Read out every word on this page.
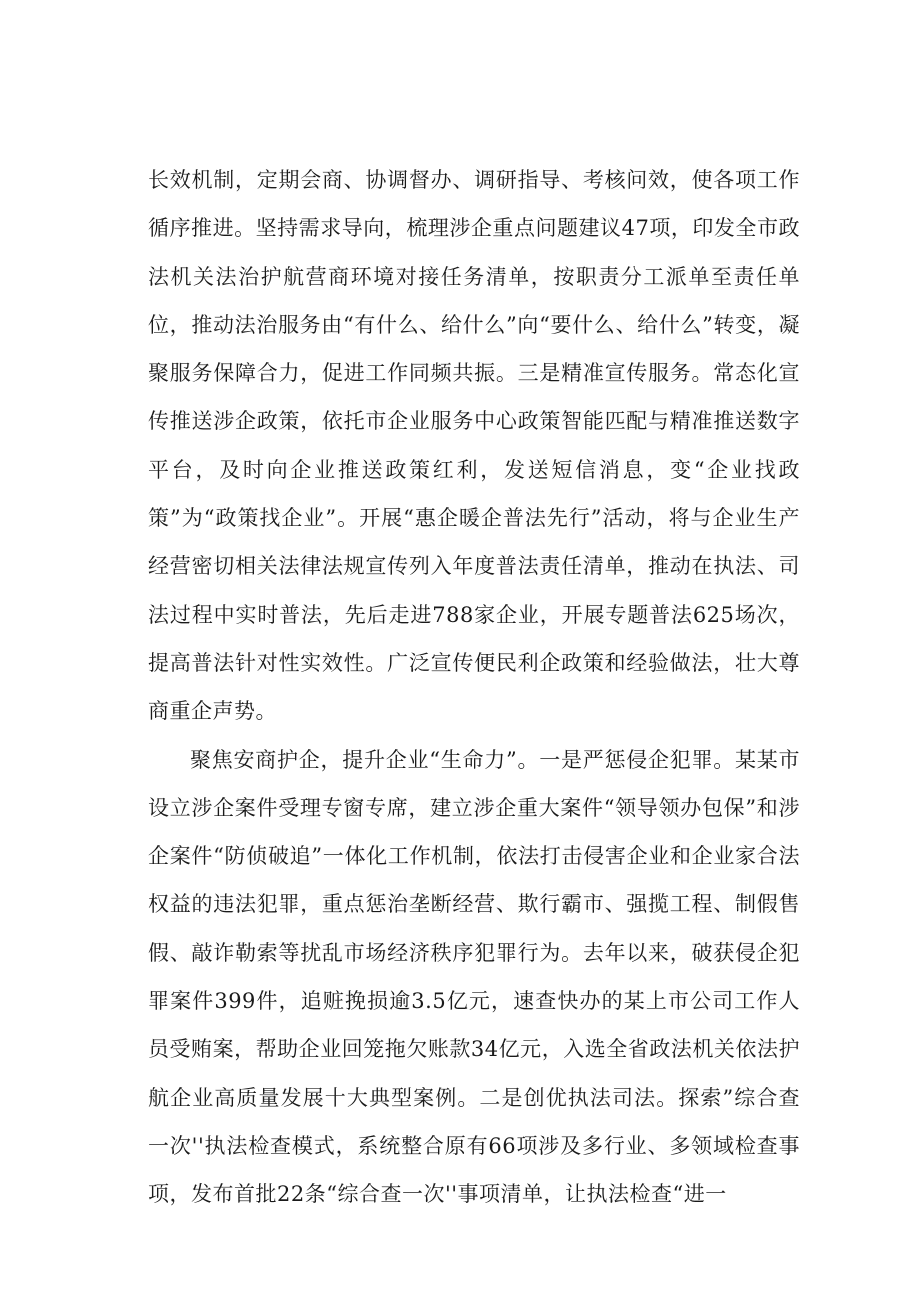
长效机制，定期会商、协调督办、调研指导、考核问效，使各项工作循序推进。坚持需求导向，梳理涉企重点问题建议47项，印发全市政法机关法治护航营商环境对接任务清单，按职责分工派单至责任单位，推动法治服务由“有什么、给什么”向“要什么、给什么”转变，凝聚服务保障合力，促进工作同频共振。三是精准宣传服务。常态化宣传推送涉企政策，依托市企业服务中心政策智能匹配与精准推送数字平台，及时向企业推送政策红利，发送短信消息，变“企业找政策”为“政策找企业”。开展“惠企暖企普法先行”活动，将与企业生产经营密切相关法律法规宣传列入年度普法责任清单，推动在执法、司法过程中实时普法，先后走进788家企业，开展专题普法625场次，提高普法针对性实效性。广泛宣传便民利企政策和经验做法，壮大尊商重企声势。

聚焦安商护企，提升企业“生命力”。一是严惩侵企犯罪。某某市设立涉企案件受理专窗专席，建立涉企重大案件“领导领办包保”和涉企案件“防侦破追”一体化工作机制，依法打击侵害企业和企业家合法权益的违法犯罪，重点惩治垄断经营、欺行霸市、强揽工程、制假售假、敲诈勒索等扰乱市场经济秩序犯罪行为。去年以来，破获侵企犯罪案件399件，追赃挽损逾3.5亿元，速查快办的某上市公司工作人员受贿案，帮助企业回笼拖欠账款34亿元，入选全省政法机关依法护航企业高质量发展十大典型案例。二是创优执法司法。探索”综合查一次''执法检查模式，系统整合原有66项涉及多行业、多领域检查事项，发布首批22条“综合查一次''事项清单，让执法检查“进一
